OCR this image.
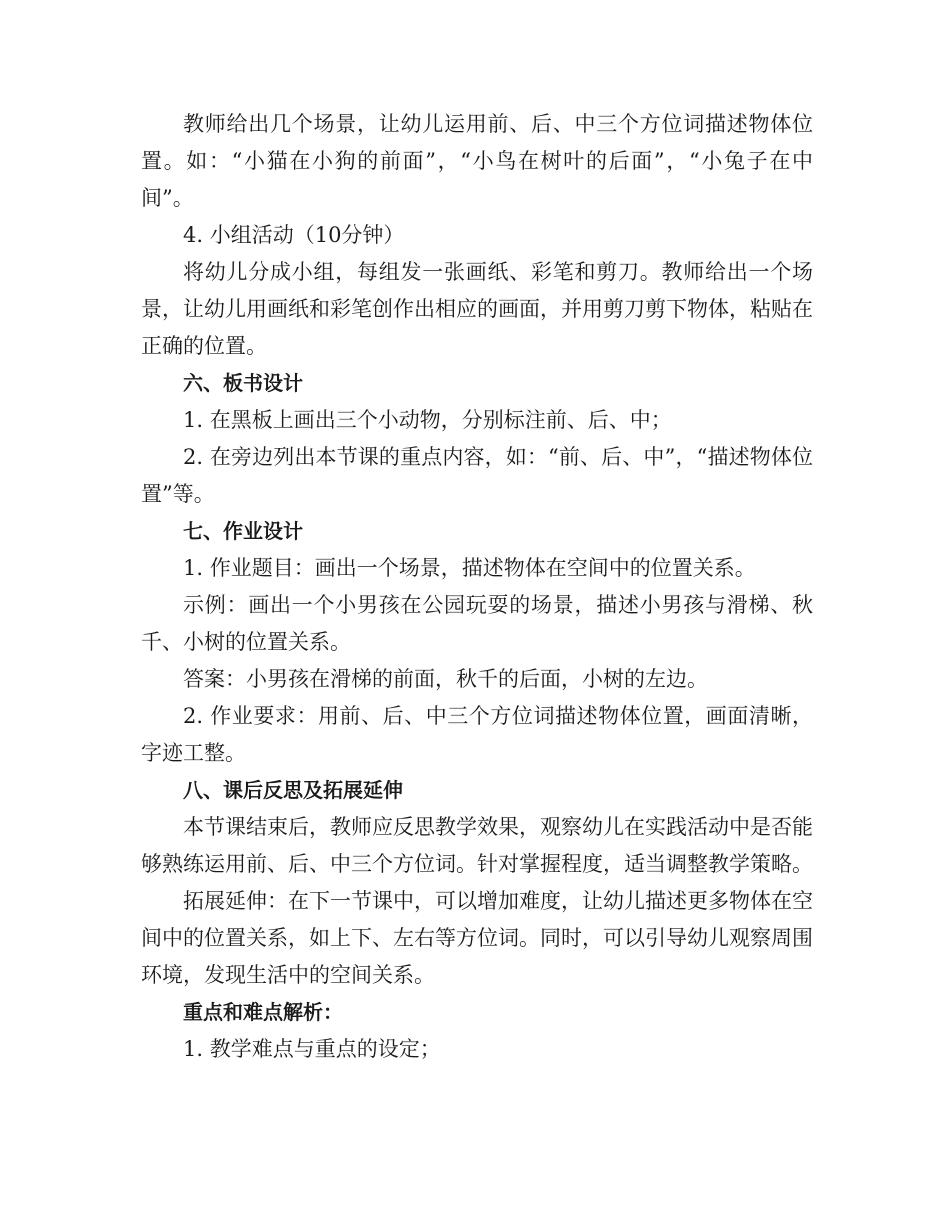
教师给出几个场景，让幼儿运用前、后、中三个方位词描述物体位置。如：“小猫在小狗的前面”，“小鸟在树叶的后面”，“小兔子在中间”。

4. 小组活动（10分钟）

将幼儿分成小组，每组发一张画纸、彩笔和剪刀。教师给出一个场景，让幼儿用画纸和彩笔创作出相应的画面，并用剪刀剪下物体，粘贴在正确的位置。

六、板书设计

1. 在黑板上画出三个小动物，分别标注前、后、中；

2. 在旁边列出本节课的重点内容，如：“前、后、中”，“描述物体位置”等。

七、作业设计

1. 作业题目：画出一个场景，描述物体在空间中的位置关系。

示例：画出一个小男孩在公园玩耍的场景，描述小男孩与滑梯、秋千、小树的位置关系。

答案：小男孩在滑梯的前面，秋千的后面，小树的左边。

2. 作业要求：用前、后、中三个方位词描述物体位置，画面清晰，字迹工整。

八、课后反思及拓展延伸

本节课结束后，教师应反思教学效果，观察幼儿在实践活动中是否能够熟练运用前、后、中三个方位词。针对掌握程度，适当调整教学策略。

拓展延伸：在下一节课中，可以增加难度，让幼儿描述更多物体在空间中的位置关系，如上下、左右等方位词。同时，可以引导幼儿观察周围环境，发现生活中的空间关系。

重点和难点解析：

1. 教学难点与重点的设定；
